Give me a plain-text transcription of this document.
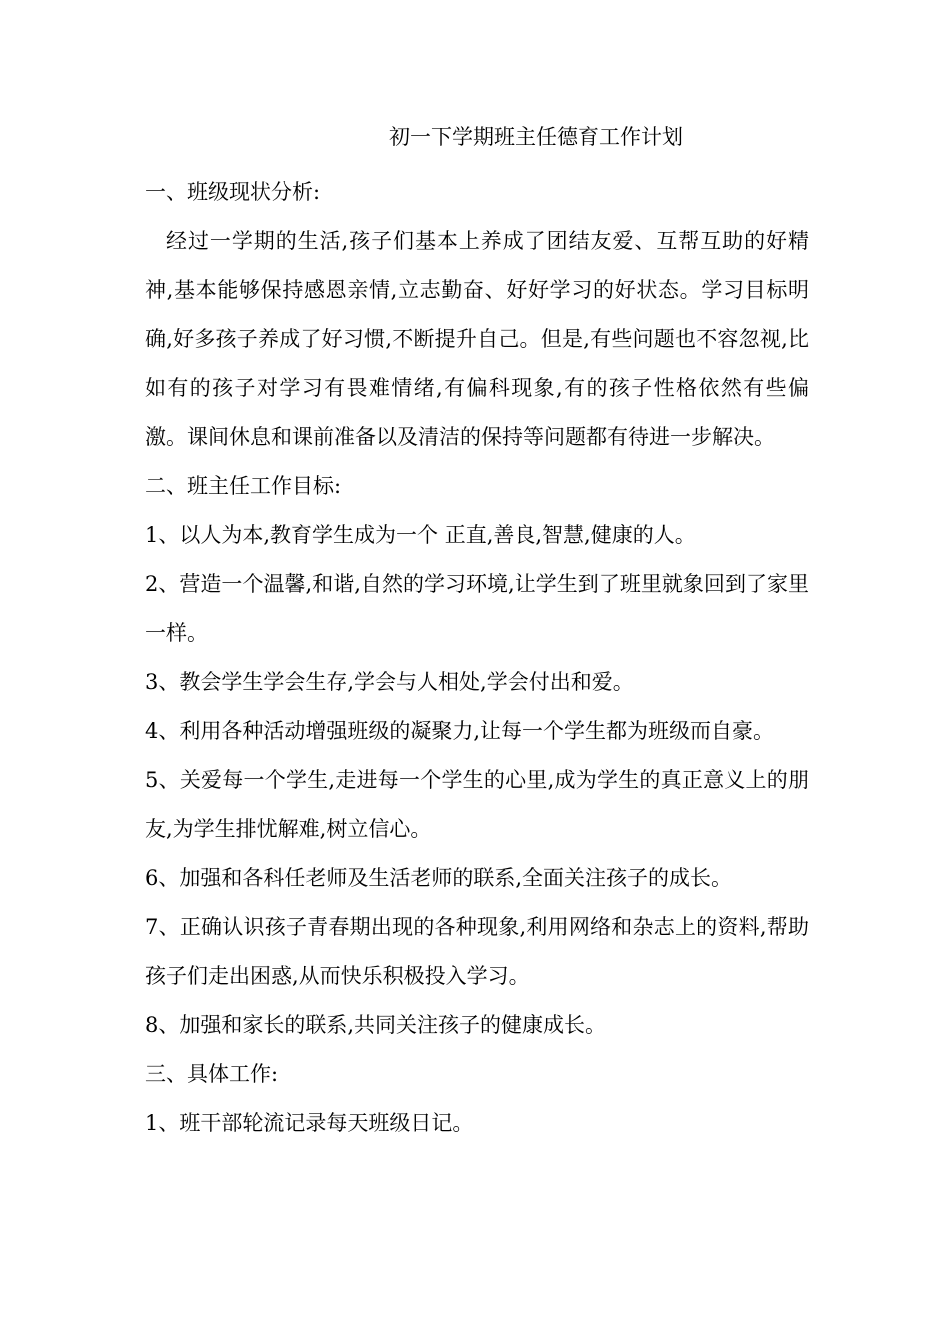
初一下学期班主任德育工作计划

一、班级现状分析:

经过一学期的生活,孩子们基本上养成了团结友爱、互帮互助的好精神,基本能够保持感恩亲情,立志勤奋、好好学习的好状态。学习目标明确,好多孩子养成了好习惯,不断提升自己。但是,有些问题也不容忽视,比如有的孩子对学习有畏难情绪,有偏科现象,有的孩子性格依然有些偏激。课间休息和课前准备以及清洁的保持等问题都有待进一步解决。

二、班主任工作目标:

1、以人为本,教育学生成为一个 正直,善良,智慧,健康的人。

2、营造一个温馨,和谐,自然的学习环境,让学生到了班里就象回到了家里一样。

3、教会学生学会生存,学会与人相处,学会付出和爱。

4、利用各种活动增强班级的凝聚力,让每一个学生都为班级而自豪。

5、关爱每一个学生,走进每一个学生的心里,成为学生的真正意义上的朋友,为学生排忧解难,树立信心。

6、加强和各科任老师及生活老师的联系,全面关注孩子的成长。

7、正确认识孩子青春期出现的各种现象,利用网络和杂志上的资料,帮助孩子们走出困惑,从而快乐积极投入学习。

8、加强和家长的联系,共同关注孩子的健康成长。

三、具体工作:

1、班干部轮流记录每天班级日记。
